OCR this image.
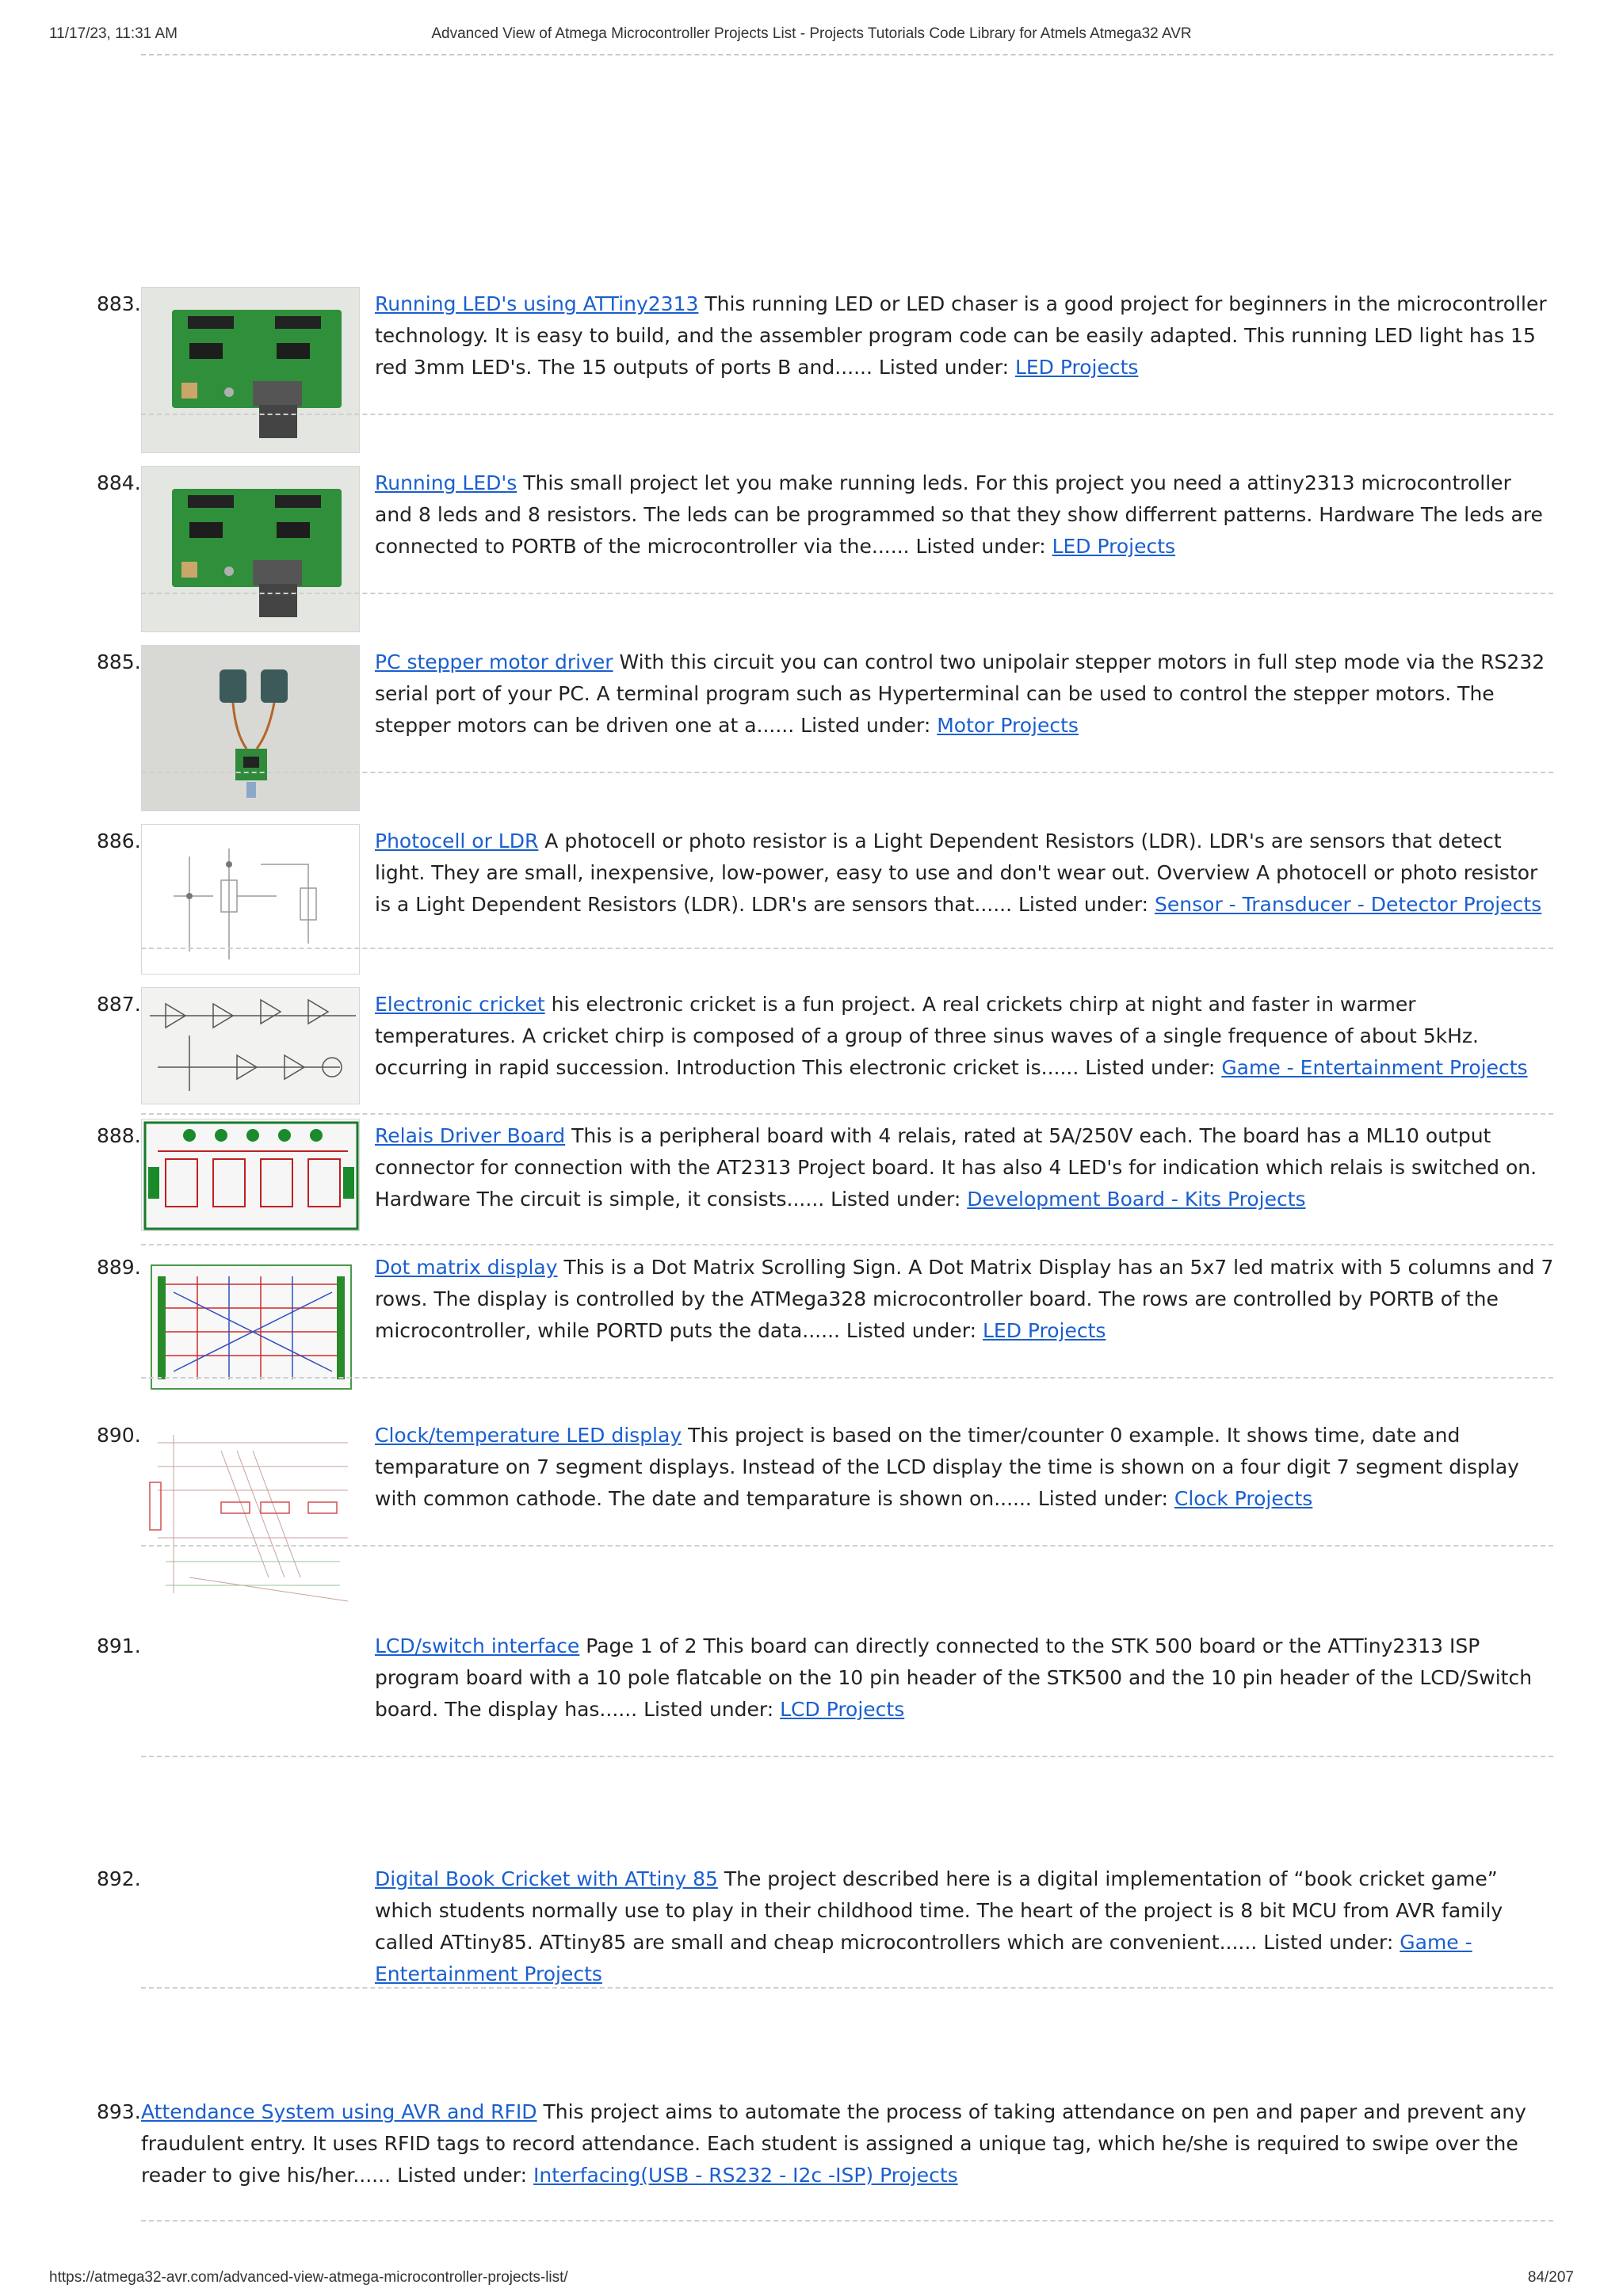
11/17/23, 11:31 AM	Advanced View of Atmega Microcontroller Projects List - Projects Tutorials Code Library for Atmels Atmega32 AVR
883.	Running LED's using ATTiny2313 This running LED or LED chaser is a good project for beginners in the microcontroller technology. It is easy to build, and the assembler program code can be easily adapted. This running LED light has 15 red 3mm LED's. The 15 outputs of ports B and...... Listed under: LED Projects
884.	Running LED's This small project let you make running leds. For this project you need a attiny2313 microcontroller and 8 leds and 8 resistors. The leds can be programmed so that they show differrent patterns. Hardware The leds are connected to PORTB of the microcontroller via the...... Listed under: LED Projects
885.	PC stepper motor driver With this circuit you can control two unipolair stepper motors in full step mode via the RS232 serial port of your PC. A terminal program such as Hyperterminal can be used to control the stepper motors. The stepper motors can be driven one at a...... Listed under: Motor Projects
886.	Photocell or LDR A photocell or photo resistor is a Light Dependent Resistors (LDR). LDR's are sensors that detect light. They are small, inexpensive, low-power, easy to use and don't wear out. Overview A photocell or photo resistor is a Light Dependent Resistors (LDR). LDR's are sensors that...... Listed under: Sensor - Transducer - Detector Projects
887.	Electronic cricket his electronic cricket is a fun project. A real crickets chirp at night and faster in warmer temperatures. A cricket chirp is composed of a group of three sinus waves of a single frequence of about 5kHz. occurring in rapid succession. Introduction This electronic cricket is...... Listed under: Game - Entertainment Projects
888.	Relais Driver Board This is a peripheral board with 4 relais, rated at 5A/250V each. The board has a ML10 output connector for connection with the AT2313 Project board. It has also 4 LED's for indication which relais is switched on. Hardware The circuit is simple, it consists...... Listed under: Development Board - Kits Projects
889.	Dot matrix display This is a Dot Matrix Scrolling Sign. A Dot Matrix Display has an 5x7 led matrix with 5 columns and 7 rows. The display is controlled by the ATMega328 microcontroller board. The rows are controlled by PORTB of the microcontroller, while PORTD puts the data...... Listed under: LED Projects
890.	Clock/temperature LED display This project is based on the timer/counter 0 example. It shows time, date and temparature on 7 segment displays. Instead of the LCD display the time is shown on a four digit 7 segment display with common cathode. The date and temparature is shown on...... Listed under: Clock Projects
891.	LCD/switch interface Page 1 of 2 This board can directly connected to the STK 500 board or the ATTiny2313 ISP program board with a 10 pole flatcable on the 10 pin header of the STK500 and the 10 pin header of the LCD/Switch board. The display has...... Listed under: LCD Projects
892.	Digital Book Cricket with ATtiny 85 The project described here is a digital implementation of “book cricket game” which students normally use to play in their childhood time. The heart of the project is 8 bit MCU from AVR family called ATtiny85. ATtiny85 are small and cheap microcontrollers which are convenient...... Listed under: Game - Entertainment Projects
893. Attendance System using AVR and RFID This project aims to automate the process of taking attendance on pen and paper and prevent any fraudulent entry. It uses RFID tags to record attendance. Each student is assigned a unique tag, which he/she is required to swipe over the reader to give his/her...... Listed under: Interfacing(USB - RS232 - I2c -ISP) Projects
https://atmega32-avr.com/advanced-view-atmega-microcontroller-projects-list/	84/207
